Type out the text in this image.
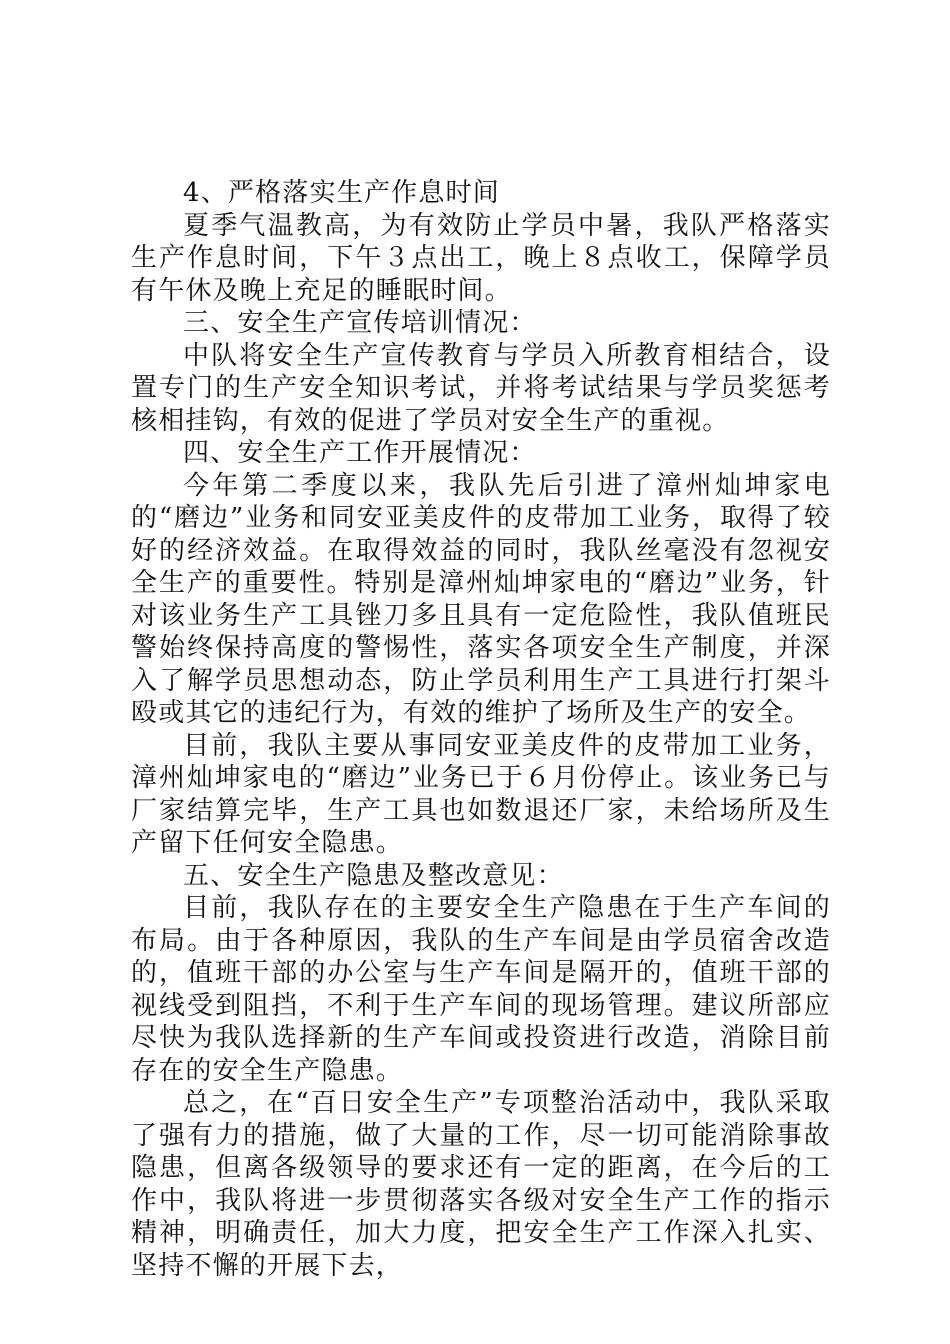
4、严格落实生产作息时间

夏季气温教高，为有效防止学员中暑，我队严格落实生产作息时间，下午３点出工，晚上８点收工，保障学员有午休及晚上充足的睡眠时间。

三、安全生产宣传培训情况：

中队将安全生产宣传教育与学员入所教育相结合，设置专门的生产安全知识考试，并将考试结果与学员奖惩考核相挂钩，有效的促进了学员对安全生产的重视。

四、安全生产工作开展情况：

今年第二季度以来，我队先后引进了漳州灿坤家电的“磨边”业务和同安亚美皮件的皮带加工业务，取得了较好的经济效益。在取得效益的同时，我队丝毫没有忽视安全生产的重要性。特别是漳州灿坤家电的“磨边”业务，针对该业务生产工具锉刀多且具有一定危险性，我队值班民警始终保持高度的警惕性，落实各项安全生产制度，并深入了解学员思想动态，防止学员利用生产工具进行打架斗殴或其它的违纪行为，有效的维护了场所及生产的安全。

目前，我队主要从事同安亚美皮件的皮带加工业务，漳州灿坤家电的“磨边”业务已于６月份停止。该业务已与厂家结算完毕，生产工具也如数退还厂家，未给场所及生产留下任何安全隐患。

五、安全生产隐患及整改意见：

目前，我队存在的主要安全生产隐患在于生产车间的布局。由于各种原因，我队的生产车间是由学员宿舍改造的，值班干部的办公室与生产车间是隔开的，值班干部的视线受到阻挡，不利于生产车间的现场管理。建议所部应尽快为我队选择新的生产车间或投资进行改造，消除目前存在的安全生产隐患。

总之，在“百日安全生产”专项整治活动中，我队采取了强有力的措施，做了大量的工作，尽一切可能消除事故隐患，但离各级领导的要求还有一定的距离，在今后的工作中，我队将进一步贯彻落实各级对安全生产工作的指示精神，明确责任，加大力度，把安全生产工作深入扎实、坚持不懈的开展下去，
